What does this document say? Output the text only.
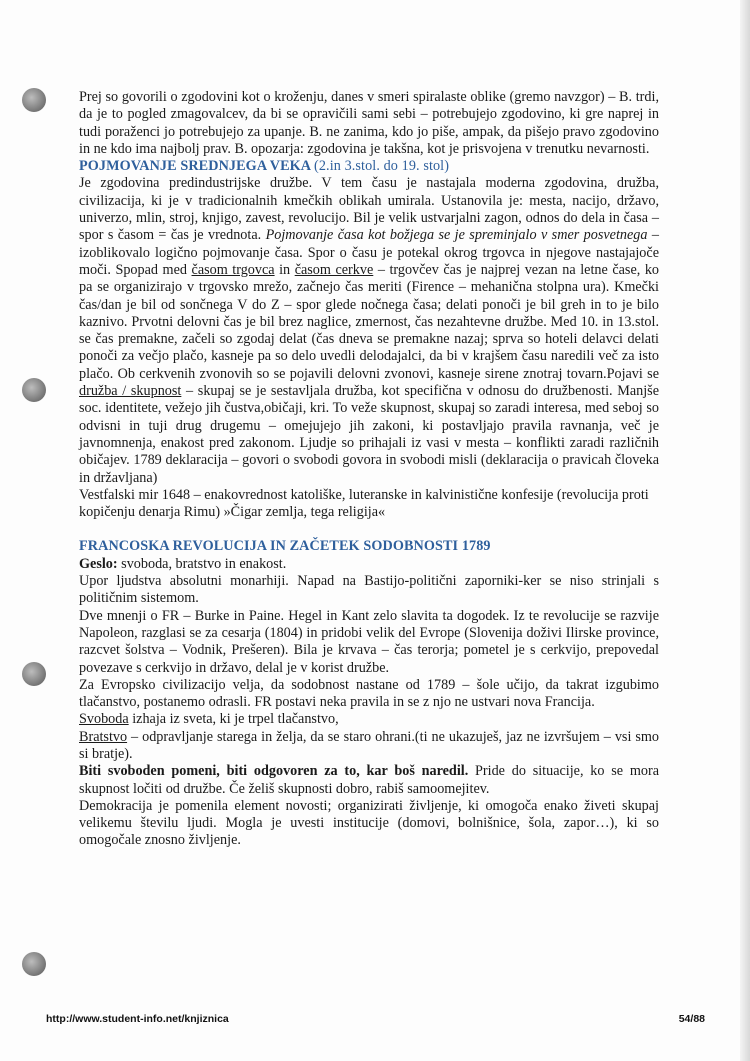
Prej so govorili o zgodovini kot o kroženju, danes v smeri spiralaste oblike (gremo navzgor) – B. trdi, da je to pogled zmagovalcev, da bi se opravičili sami sebi – potrebujejo zgodovino, ki gre naprej in tudi poraženci jo potrebujejo za upanje. B. ne zanima, kdo jo piše, ampak, da pišejo pravo zgodovino in ne kdo ima najbolj prav. B. opozarja: zgodovina je takšna, kot je prisvojena v trenutku nevarnosti.

POJMOVANJE SREDNJEGA VEKA (2.in 3.stol. do 19. stol)

Je zgodovina predindustrijske družbe. V tem času je nastajala moderna zgodovina, družba, civilizacija, ki je v tradicionalnih kmečkih oblikah umirala. Ustanovila je: mesta, nacijo, državo, univerzo, mlin, stroj, knjigo, zavest, revolucijo. Bil je velik ustvarjalni zagon, odnos do dela in časa – spor s časom = čas je vrednota. Pojmovanje časa kot božjega se je spreminjalo v smer posvetnega – izoblikovalo logično pojmovanje časa. Spor o času je potekal okrog trgovca in njegove nastajajoče moči. Spopad med časom trgovca in časom cerkve – trgovčev čas je najprej vezan na letne čase, ko pa se organizirajo v trgovsko mrežo, začnejo čas meriti (Firence – mehanična stolpna ura). Kmečki čas/dan je bil od sončnega V do Z – spor glede nočnega časa; delati ponoči je bil greh in to je bilo kaznivo. Prvotni delovni čas je bil brez naglice, zmernost, čas nezahtevne družbe. Med 10. in 13.stol. se čas premakne, začeli so zgodaj delat (čas dneva se premakne nazaj; sprva so hoteli delavci delati ponoči za večjo plačo, kasneje pa so delo uvedli delodajalci, da bi v krajšem času naredili več za isto plačo. Ob cerkvenih zvonovih so se pojavili delovni zvonovi, kasneje sirene znotraj tovarn.Pojavi se družba / skupnost – skupaj se je sestavljala družba, kot specifična v odnosu do družbenosti. Manjše soc. identitete, vežejo jih čustva,običaji, kri. To veže skupnost, skupaj so zaradi interesa, med seboj so odvisni in tuji drug drugemu – omejujejo jih zakoni, ki postavljajo pravila ravnanja, več je javnomnenja, enakost pred zakonom. Ljudje so prihajali iz vasi v mesta – konflikti zaradi različnih običajev. 1789 deklaracija – govori o svobodi govora in svobodi misli (deklaracija o pravicah človeka in državljana)

Vestfalski mir 1648 – enakovrednost katoliške, luteranske in kalvinistične konfesije (revolucija proti kopičenju denarja Rimu) »Čigar zemlja, tega religija«

FRANCOSKA REVOLUCIJA IN ZAČETEK SODOBNOSTI 1789

Geslo: svoboda, bratstvo in enakost.

Upor ljudstva absolutni monarhiji. Napad na Bastijo-politični zaporniki-ker se niso strinjali s političnim sistemom.

Dve mnenji o FR – Burke in Paine. Hegel in Kant zelo slavita ta dogodek. Iz te revolucije se razvije Napoleon, razglasi se za cesarja (1804) in pridobi velik del Evrope (Slovenija doživi Ilirske province, razcvet šolstva – Vodnik, Prešeren). Bila je krvava – čas terorja; pometel je s cerkvijo, prepovedal povezave s cerkvijo in državo, delal je v korist družbe.

Za Evropsko civilizacijo velja, da sodobnost nastane od 1789 – šole učijo, da takrat izgubimo tlačanstvo, postanemo odrasli. FR postavi neka pravila in se z njo ne ustvari nova Francija.

Svoboda izhaja iz sveta, ki je trpel tlačanstvo,

Bratstvo – odpravljanje starega in želja, da se staro ohrani.(ti ne ukazuješ, jaz ne izvršujem – vsi smo si bratje).

Biti svoboden pomeni, biti odgovoren za to, kar boš naredil. Pride do situacije, ko se mora skupnost ločiti od družbe. Če želiš skupnosti dobro, rabiš samoomejitev.

Demokracija je pomenila element novosti; organizirati življenje, ki omogoča enako živeti skupaj velikemu številu ljudi. Mogla je uvesti institucije (domovi, bolnišnice, šola, zapor…), ki so omogočale znosno življenje.

http://www.student-info.net/knjiznica	54/88
